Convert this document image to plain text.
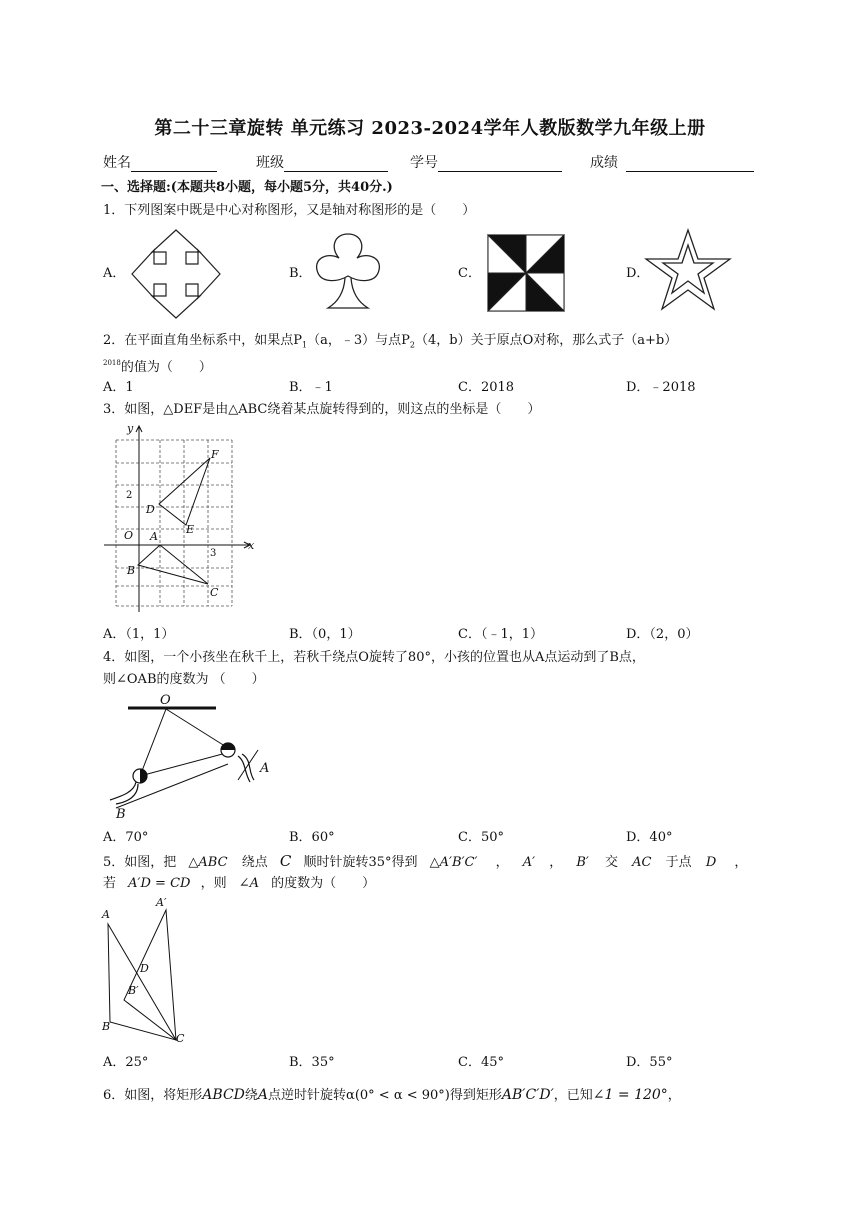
第二十三章旋转 单元练习 2023-2024学年人教版数学九年级上册
姓名	班级	学号	成绩
一、选择题:(本题共8小题，每小题5分，共40分.)
1．下列图案中既是中心对称图形，又是轴对称图形的是（　　）
A．	B．	C．	D．
2．在平面直角坐标系中，如果点$P_1(a$，﹣3）与点$P_2(4$，b）关于原点O对称，那么式子（a+b）
$^{2018}$的值为（　　）
A．1	B．﹣1	C．2018	D．﹣2018
3．如图，△DEF是由△ABC绕着某点旋转得到的，则这点的坐标是（　　）
y
x
F
D
E
O A
B
C
2
3
A．（1，1）	B．（0，1）	C．（﹣1，1）	D．（2，0）
4．如图，一个小孩坐在秋千上，若秋千绕点O旋转了80°，小孩的位置也从A点运动到了B点，
则∠OAB的度数为 （　　）
O
A
B
A．70°	B．60°	C．50°	D．40°
5．如图，把 △ABC 绕点 C 顺时针旋转35°得到 △A′B′C′ ， A′ ， B′ 交 AC 于点 D ，
若 A′D = CD ，则 ∠A 的度数为（　　）
A
A′
D
B′
B
C
A．25°	B．35°	C．45°	D．55°
6．如图，将矩形ABCD绕A点逆时针旋转α(0° < α < 90°)得到矩形AB′C′D′，已知∠1 = 120°，
